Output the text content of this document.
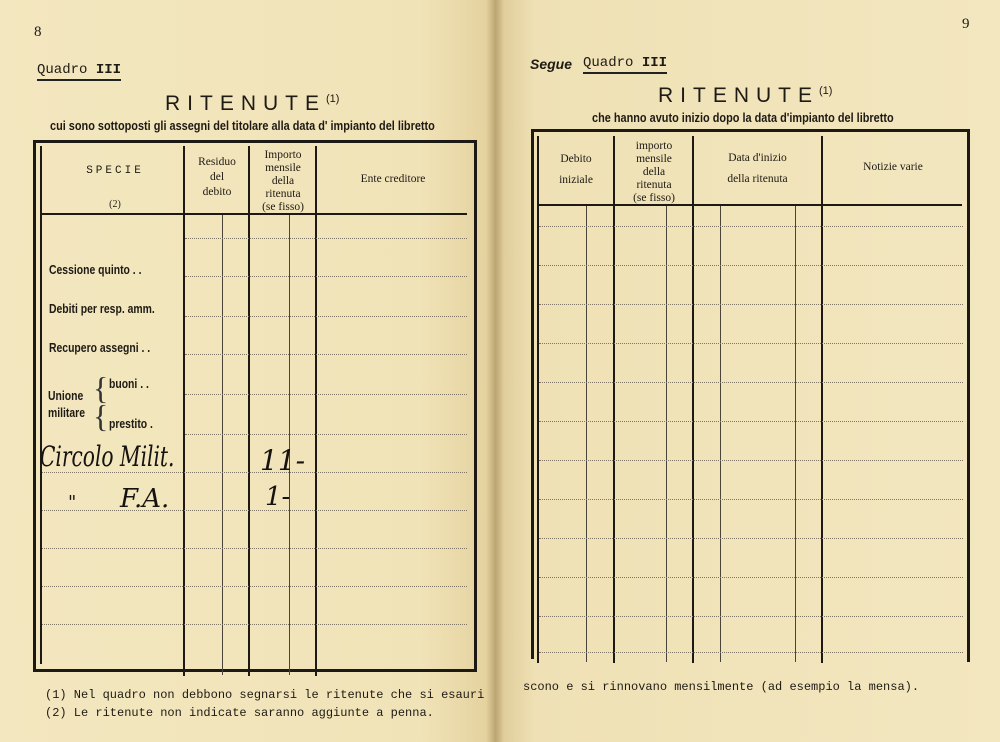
8
Quadro III
RITENUTE$^{(1)}$
cui sono sottoposti gli assegni del titolare alla data d' impianto del libretto
SPECIE
(2)
Residuo
del
debito
Importo
mensile
della
ritenuta
(se fisso)
Ente creditore
Cessione quinto . .
Debiti per resp. amm.
Recupero assegni . .
Unione
militare
{
{
buoni . .
prestito .
Circolo Milit.	11-
" F.A.	1-
(1) Nel quadro non debbono segnarsi le ritenute che si esauri
(2) Le ritenute non indicate saranno aggiunte a penna.
9
Segue Quadro III
RITENUTE$^{(1)}$
che hanno avuto inizio dopo la data d'impianto del libretto
Debito
iniziale
importo
mensile
della
ritenuta
(se fisso)
Data d'inizio
della ritenuta
Notizie varie
scono e si rinnovano mensilmente (ad esempio la mensa).
